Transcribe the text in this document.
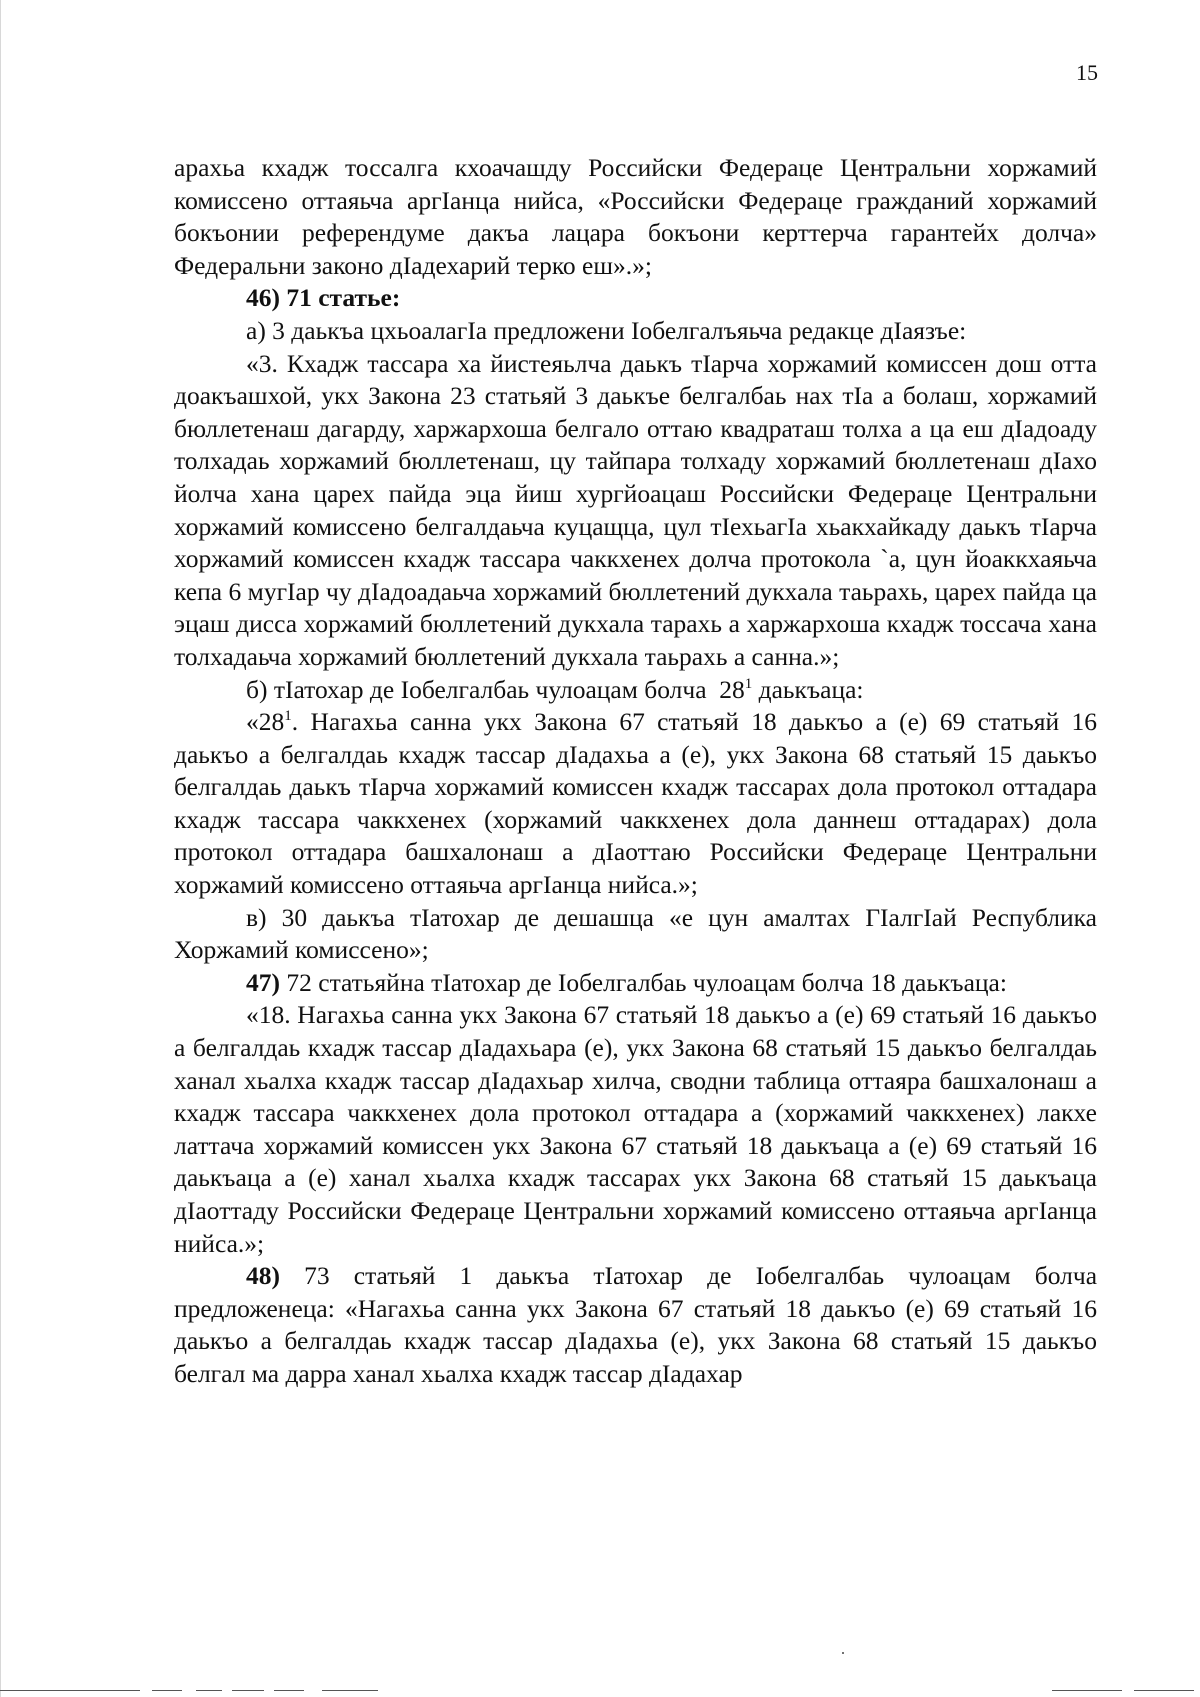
15

арахьа кхадж тоссалга кхоачашду Российски Федераце Центральни хоржамий комиссено оттаяьча аргІанца нийса, «Российски Федераце гражданий хоржамий бокъонии референдуме дакъа лацара бокъони керттерча гарантейх долча» Федеральни законо дІадехарий терко еш».»;

46) 71 статье:

а) 3 даькъа цхьоалагІа предложени Іобелгалъяьча редакце дІаязъе:

«3. Кхадж тассара ха йистеяьлча даькъ тІарча хоржамий комиссен дош отта доакъашхой, укх Закона 23 статьяй 3 даькъе белгалбаь нах тІа а болаш, хоржамий бюллетенаш дагарду, харжархоша белгало оттаю квадраташ толха а ца еш дІадоаду толхадаь хоржамий бюллетенаш, цу тайпара толхаду хоржамий бюллетенаш дІахо йолча хана царех пайда эца йиш хургйоацаш Российски Федераце Центральни хоржамий комиссено белгалдаьча куцащца, цул тІехьагІа хьакхайкаду даькъ тІарча хоржамий комиссен кхадж тассара чаккхенех долча протокола `а, цун йоаккхаяьча кепа 6 мугІар чу дІадоадаьча хоржамий бюллетений дукхала таьрахь, царех пайда ца эцаш дисса хоржамий бюллетений дукхала тарахь а харжархоша кхадж тоссача хана толхадаьча хоржамий бюллетений дукхала таьрахь а санна.»;

б) тІатохар де Іобелгалбаь чулоацам болча $28^1$ даькъаца:

«$28^1$. Нагахьа санна укх Закона 67 статьяй 18 даькъо а (е) 69 статьяй 16 даькъо а белгалдаь кхадж тассар дІадахьа а (е), укх Закона 68 статьяй 15 даькъо белгалдаь даькъ тІарча хоржамий комиссен кхадж тассарах дола протокол оттадара кхадж тассара чаккхенех (хоржамий чаккхенех дола даннеш оттадарах) дола протокол оттадара башхалонаш а дІаоттаю Российски Федераце Центральни хоржамий комиссено оттаяьча аргІанца нийса.»;

в) 30 даькъа тІатохар де дешашца «е цун амалтах ГІалгІай Республика Хоржамий комиссено»;

47) 72 статьяйна тІатохар де Іобелгалбаь чулоацам болча 18 даькъаца:

«18. Нагахьа санна укх Закона 67 статьяй 18 даькъо а (е) 69 статьяй 16 даькъо а белгалдаь кхадж тассар дІадахьара (е), укх Закона 68 статьяй 15 даькъо белгалдаь ханал хьалха кхадж тассар дІадахьар хилча, сводни таблица оттаяра башхалонаш а кхадж тассара чаккхенех дола протокол оттадара а (хоржамий чаккхенех) лакхе латтача хоржамий комиссен укх Закона 67 статьяй 18 даькъаца а (е) 69 статьяй 16 даькъаца а (е) ханал хьалха кхадж тассарах укх Закона 68 статьяй 15 даькъаца дІаоттаду Российски Федераце Центральни хоржамий комиссено оттаяьча аргІанца нийса.»;

48) 73 статьяй 1 даькъа тІатохар де Іобелгалбаь чулоацам болча предложенеца: «Нагахьа санна укх Закона 67 статьяй 18 даькъо (е) 69 статьяй 16 даькъо а белгалдаь кхадж тассар дІадахьа (е), укх Закона 68 статьяй 15 даькъо белгал ма дарра ханал хьалха кхадж тассар дІадахар
